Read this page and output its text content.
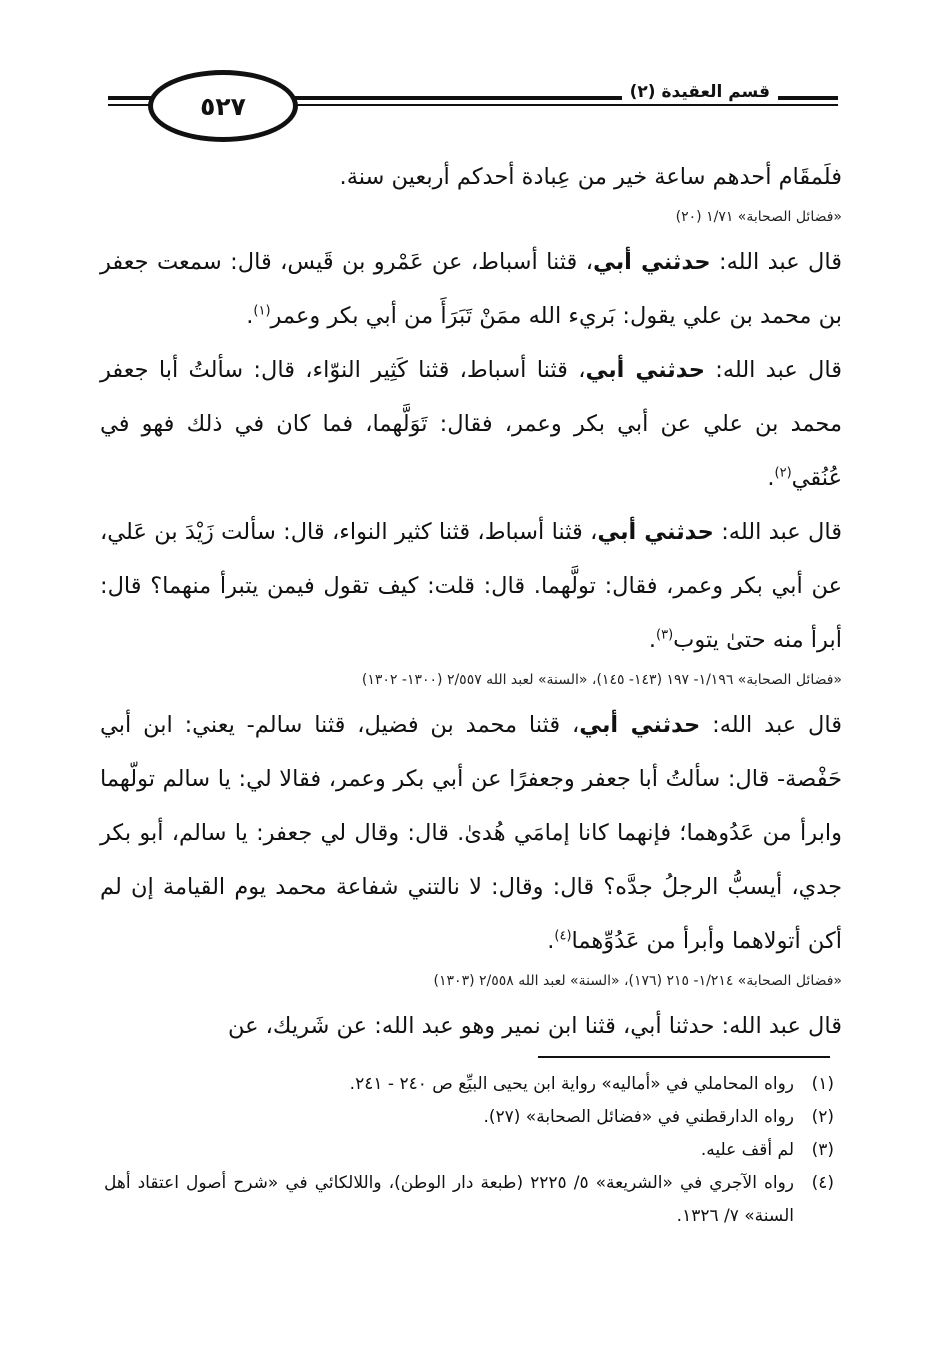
٥٢٧	قسم العقيدة (٢)

فلَمقَام أحدهم ساعة خير من عِبادة أحدكم أربعين سنة.

«فضائل الصحابة» ١/٧١ (٢٠)

قال عبد الله: حدثني أبي، قثنا أسباط، عن عَمْرو بن قَيس، قال: سمعت جعفر بن محمد بن علي يقول: بَريء الله ممَنْ تَبَرَأَ من أبي بكر وعمر$^{(١)}$.

قال عبد الله: حدثني أبي، قثنا أسباط، قثنا كَثِير النوّاء، قال: سألتُ أبا جعفر محمد بن علي عن أبي بكر وعمر، فقال: تَوَلَّهما، فما كان في ذلك فهو في عُنُقي$^{(٢)}$.

قال عبد الله: حدثني أبي، قثنا أسباط، قثنا كثير النواء، قال: سألت زَيْدَ بن عَلي، عن أبي بكر وعمر، فقال: تولَّهما. قال: قلت: كيف تقول فيمن يتبرأ منهما؟ قال: أبرأ منه حتىٰ يتوب$^{(٣)}$.

«فضائل الصحابة» ١/١٩٦- ١٩٧ (١٤٣- ١٤٥)، «السنة» لعبد الله ٢/٥٥٧ (١٣٠٠- ١٣٠٢)

قال عبد الله: حدثني أبي، قثنا محمد بن فضيل، قثنا سالم- يعني: ابن أبي حَفْصة- قال: سألتُ أبا جعفر وجعفرًا عن أبي بكر وعمر، فقالا لي: يا سالم تولّهما وابرأ من عَدُوهما؛ فإنهما كانا إمامَي هُدىٰ. قال: وقال لي جعفر: يا سالم، أبو بكر جدي، أيسبُّ الرجلُ جدَّه؟ قال: وقال: لا نالتني شفاعة محمد يوم القيامة إن لم أكن أتولاهما وأبرأ من عَدُوِّهما$^{(٤)}$.

«فضائل الصحابة» ١/٢١٤- ٢١٥ (١٧٦)، «السنة» لعبد الله ٢/٥٥٨ (١٣٠٣)

قال عبد الله: حدثنا أبي، قثنا ابن نمير وهو عبد الله: عن شَريك، عن

(١)
رواه المحاملي في «أماليه» رواية ابن يحيى البيِّع ص ٢٤٠ - ٢٤١.
(٢)
رواه الدارقطني في «فضائل الصحابة» (٢٧).
(٣)
لم أقف عليه.
(٤)
رواه الآجري في «الشريعة» ٥/ ٢٢٢٥ (طبعة دار الوطن)، واللالكائي في «شرح أصول اعتقاد أهل السنة» ٧/ ١٣٢٦.
